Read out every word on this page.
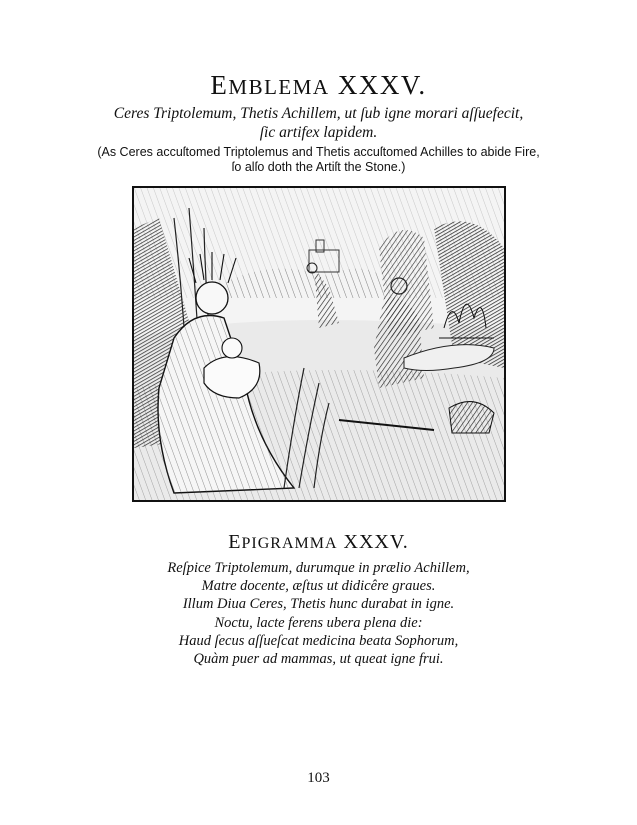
EMBLEMA XXXV.
Ceres Triptolemum, Thetis Achillem, ut ſub igne morari aſſuefecit,
ſic artifex lapidem.
(As Ceres accuſtomed Triptolemus and Thetis accuſtomed Achilles to abide Fire,
ſo alſo doth the Artiſt the Stone.)
EPIGRAMMA XXXV.
Reſpice Triptolemum, durumque in prælio Achillem,
Matre docente, æſtus ut didicêre graues.
Illum Diua Ceres, Thetis hunc durabat in igne.
Noctu, lacte ferens ubera plena die:
Haud ſecus aſſueſcat medicina beata Sophorum,
Quàm puer ad mammas, ut queat igne frui.
103
